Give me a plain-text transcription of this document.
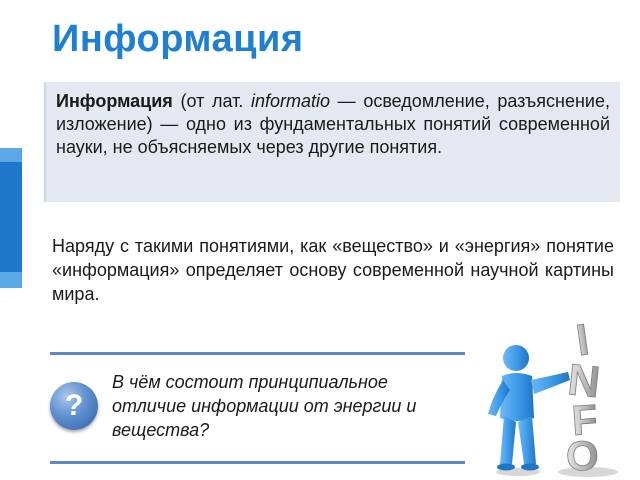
Информация

Информация (от лат. informatio — осведомление, разъяснение, изложение) — одно из фундаментальных понятий современной науки, не объясняемых через другие понятия.

Наряду с такими понятиями, как «вещество» и «энергия» понятие «информация» определяет основу современной научной картины мира.

?

В чём состоит принципиальное отличие информации от энергии и вещества?

I
N
F
O
